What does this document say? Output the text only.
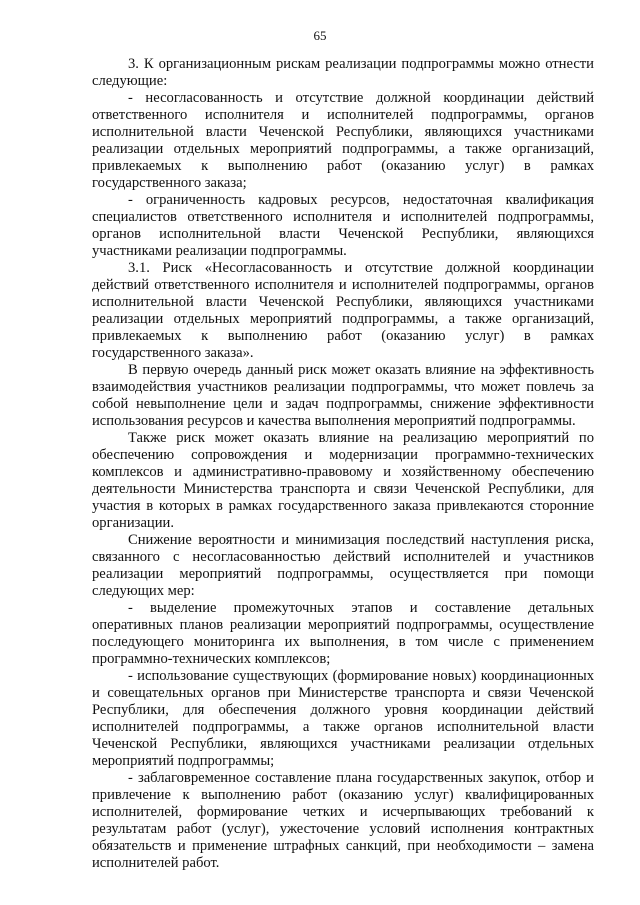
65

3. К организационным рискам реализации подпрограммы можно отнести следующие:

- несогласованность и отсутствие должной координации действий ответственного исполнителя и исполнителей подпрограммы, органов исполнительной власти Чеченской Республики, являющихся участниками реализации отдельных мероприятий подпрограммы, а также организаций, привлекаемых к выполнению работ (оказанию услуг) в рамках государственного заказа;

- ограниченность кадровых ресурсов, недостаточная квалификация специалистов ответственного исполнителя и исполнителей подпрограммы, органов исполнительной власти Чеченской Республики, являющихся участниками реализации подпрограммы.

3.1. Риск «Несогласованность и отсутствие должной координации действий ответственного исполнителя и исполнителей подпрограммы, органов исполнительной власти Чеченской Республики, являющихся участниками реализации отдельных мероприятий подпрограммы, а также организаций, привлекаемых к выполнению работ (оказанию услуг) в рамках государственного заказа».

В первую очередь данный риск может оказать влияние на эффективность взаимодействия участников реализации подпрограммы, что может повлечь за собой невыполнение цели и задач подпрограммы, снижение эффективности использования ресурсов и качества выполнения мероприятий подпрограммы.

Также риск может оказать влияние на реализацию мероприятий по обеспечению сопровождения и модернизации программно-технических комплексов и административно-правовому и хозяйственному обеспечению деятельности Министерства транспорта и связи Чеченской Республики, для участия в которых в рамках государственного заказа привлекаются сторонние организации.

Снижение вероятности и минимизация последствий наступления риска, связанного с несогласованностью действий исполнителей и участников реализации мероприятий подпрограммы, осуществляется при помощи следующих мер:

- выделение промежуточных этапов и составление детальных оперативных планов реализации мероприятий подпрограммы, осуществление последующего мониторинга их выполнения, в том числе с применением программно-технических комплексов;

- использование существующих (формирование новых) координационных и совещательных органов при Министерстве транспорта и связи Чеченской Республики, для обеспечения должного уровня координации действий исполнителей подпрограммы, а также органов исполнительной власти Чеченской Республики, являющихся участниками реализации отдельных мероприятий подпрограммы;

- заблаговременное составление плана государственных закупок, отбор и привлечение к выполнению работ (оказанию услуг) квалифицированных исполнителей, формирование четких и исчерпывающих требований к результатам работ (услуг), ужесточение условий исполнения контрактных обязательств и применение штрафных санкций, при необходимости – замена исполнителей работ.
